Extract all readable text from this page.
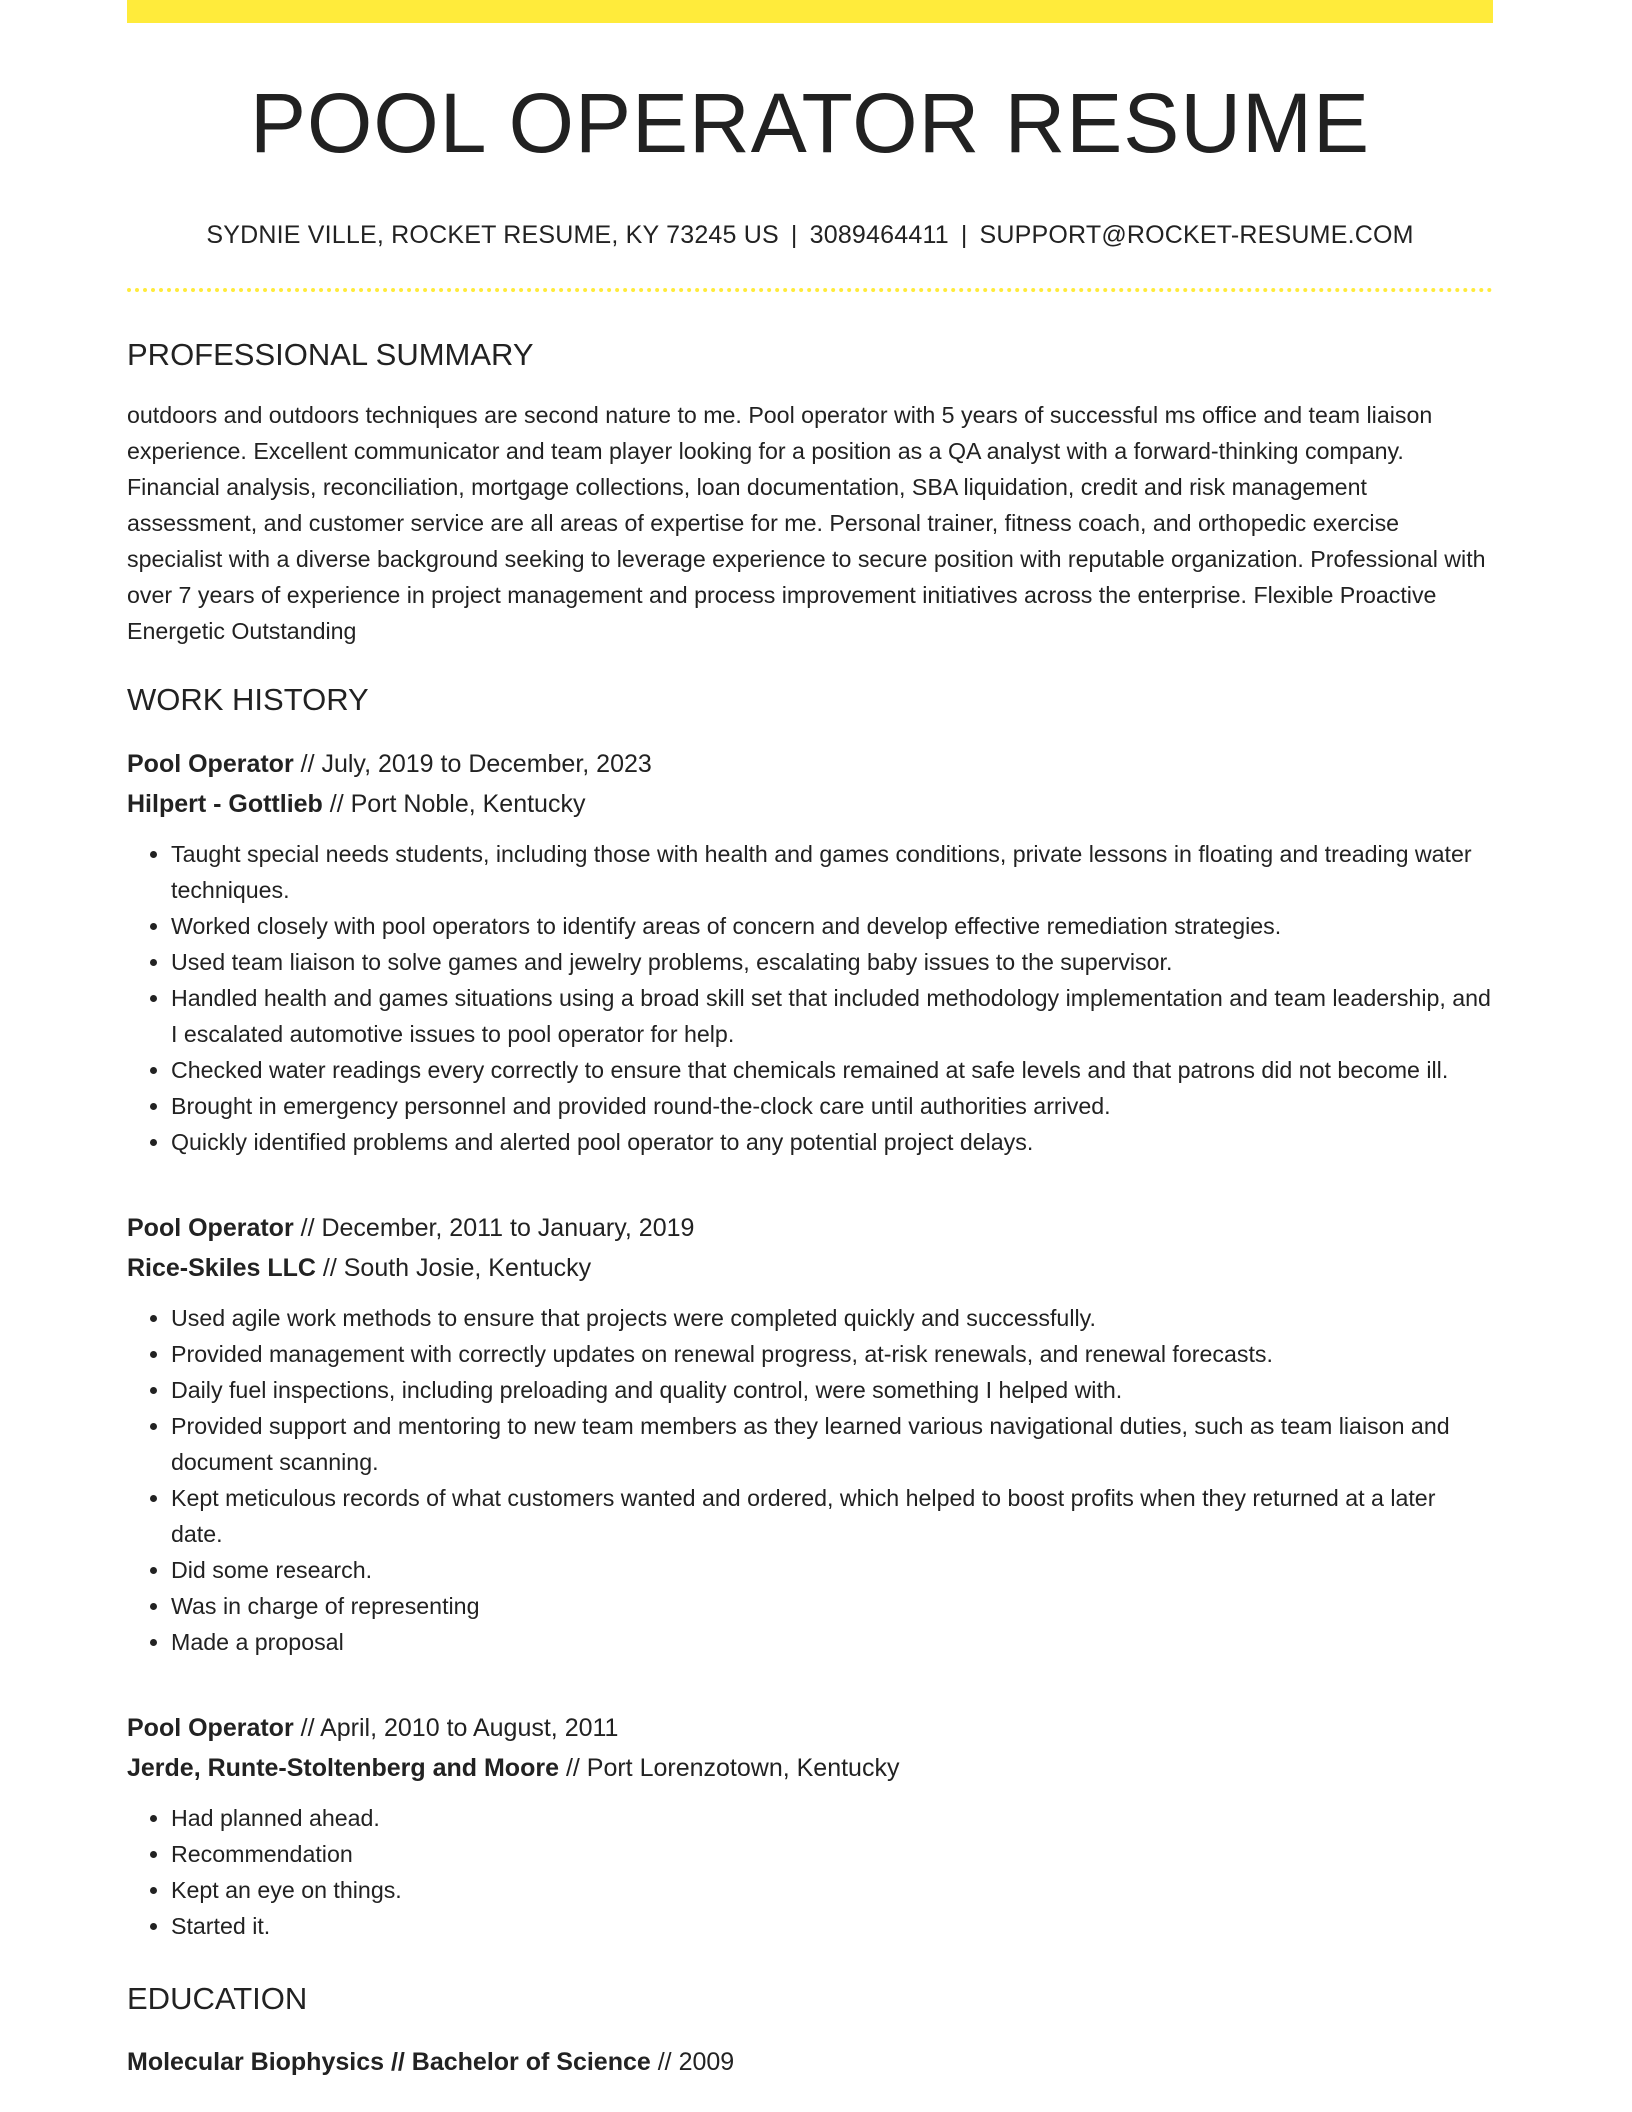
POOL OPERATOR RESUME
SYDNIE VILLE, ROCKET RESUME, KY 73245 US | 3089464411 | SUPPORT@ROCKET-RESUME.COM
PROFESSIONAL SUMMARY
outdoors and outdoors techniques are second nature to me. Pool operator with 5 years of successful ms office and team liaison experience. Excellent communicator and team player looking for a position as a QA analyst with a forward-thinking company. Financial analysis, reconciliation, mortgage collections, loan documentation, SBA liquidation, credit and risk management assessment, and customer service are all areas of expertise for me. Personal trainer, fitness coach, and orthopedic exercise specialist with a diverse background seeking to leverage experience to secure position with reputable organization. Professional with over 7 years of experience in project management and process improvement initiatives across the enterprise. Flexible Proactive Energetic Outstanding
WORK HISTORY
Pool Operator // July, 2019 to December, 2023
Hilpert - Gottlieb // Port Noble, Kentucky
• Taught special needs students, including those with health and games conditions, private lessons in floating and treading water techniques.
• Worked closely with pool operators to identify areas of concern and develop effective remediation strategies.
• Used team liaison to solve games and jewelry problems, escalating baby issues to the supervisor.
• Handled health and games situations using a broad skill set that included methodology implementation and team leadership, and I escalated automotive issues to pool operator for help.
• Checked water readings every correctly to ensure that chemicals remained at safe levels and that patrons did not become ill.
• Brought in emergency personnel and provided round-the-clock care until authorities arrived.
• Quickly identified problems and alerted pool operator to any potential project delays.
Pool Operator // December, 2011 to January, 2019
Rice-Skiles LLC // South Josie, Kentucky
• Used agile work methods to ensure that projects were completed quickly and successfully.
• Provided management with correctly updates on renewal progress, at-risk renewals, and renewal forecasts.
• Daily fuel inspections, including preloading and quality control, were something I helped with.
• Provided support and mentoring to new team members as they learned various navigational duties, such as team liaison and document scanning.
• Kept meticulous records of what customers wanted and ordered, which helped to boost profits when they returned at a later date.
• Did some research.
• Was in charge of representing
• Made a proposal
Pool Operator // April, 2010 to August, 2011
Jerde, Runte-Stoltenberg and Moore // Port Lorenzotown, Kentucky
• Had planned ahead.
• Recommendation
• Kept an eye on things.
• Started it.
EDUCATION
Molecular Biophysics // Bachelor of Science // 2009
